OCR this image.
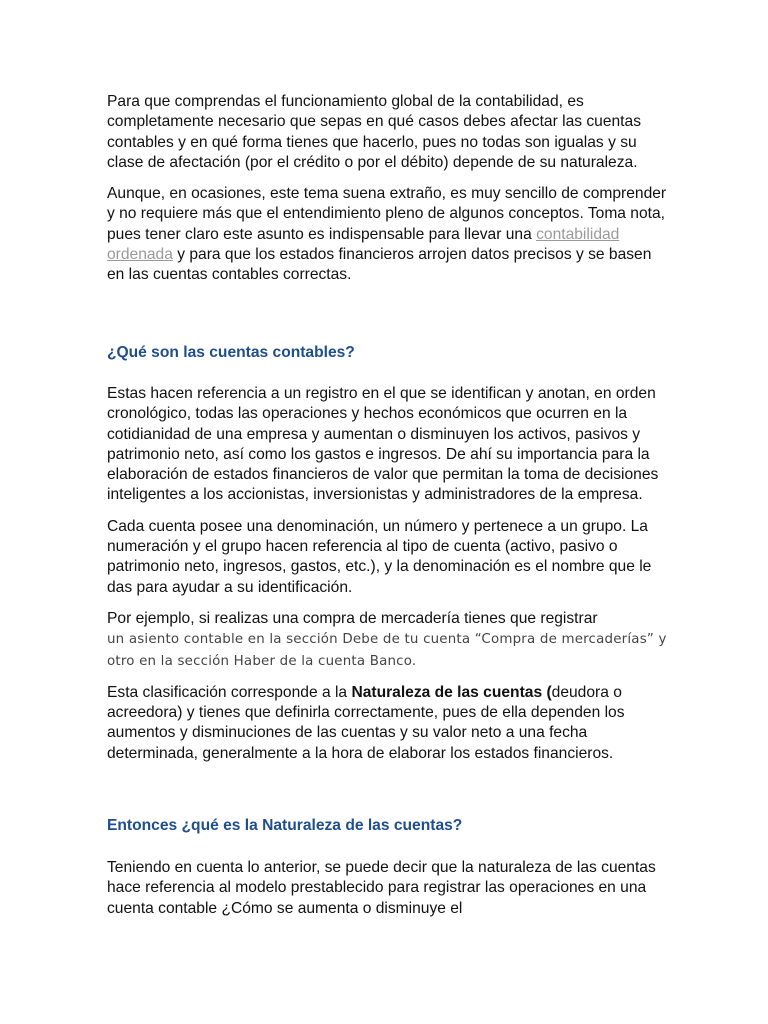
Para que comprendas el funcionamiento global de la contabilidad, es completamente necesario que sepas en qué casos debes afectar las cuentas contables y en qué forma tienes que hacerlo, pues no todas son igualas y su clase de afectación (por el crédito o por el débito) depende de su naturaleza.

Aunque, en ocasiones, este tema suena extraño, es muy sencillo de comprender y no requiere más que el entendimiento pleno de algunos conceptos. Toma nota, pues tener claro este asunto es indispensable para llevar una contabilidad ordenada y para que los estados financieros arrojen datos precisos y se basen en las cuentas contables correctas.

¿Qué son las cuentas contables?

Estas hacen referencia a un registro en el que se identifican y anotan, en orden cronológico, todas las operaciones y hechos económicos que ocurren en la cotidianidad de una empresa y aumentan o disminuyen los activos, pasivos y patrimonio neto, así como los gastos e ingresos. De ahí su importancia para la elaboración de estados financieros de valor que permitan la toma de decisiones inteligentes a los accionistas, inversionistas y administradores de la empresa.

Cada cuenta posee una denominación, un número y pertenece a un grupo. La numeración y el grupo hacen referencia al tipo de cuenta (activo, pasivo o patrimonio neto, ingresos, gastos, etc.), y la denominación es el nombre que le das para ayudar a su identificación.

Por ejemplo, si realizas una compra de mercadería tienes que registrar
un asiento contable en la sección Debe de tu cuenta “Compra de mercaderías” y otro en la sección Haber de la cuenta Banco.

Esta clasificación corresponde a la Naturaleza de las cuentas (deudora o acreedora) y tienes que definirla correctamente, pues de ella dependen los aumentos y disminuciones de las cuentas y su valor neto a una fecha determinada, generalmente a la hora de elaborar los estados financieros.

Entonces ¿qué es la Naturaleza de las cuentas?

Teniendo en cuenta lo anterior, se puede decir que la naturaleza de las cuentas hace referencia al modelo prestablecido para registrar las operaciones en una cuenta contable ¿Cómo se aumenta o disminuye el
